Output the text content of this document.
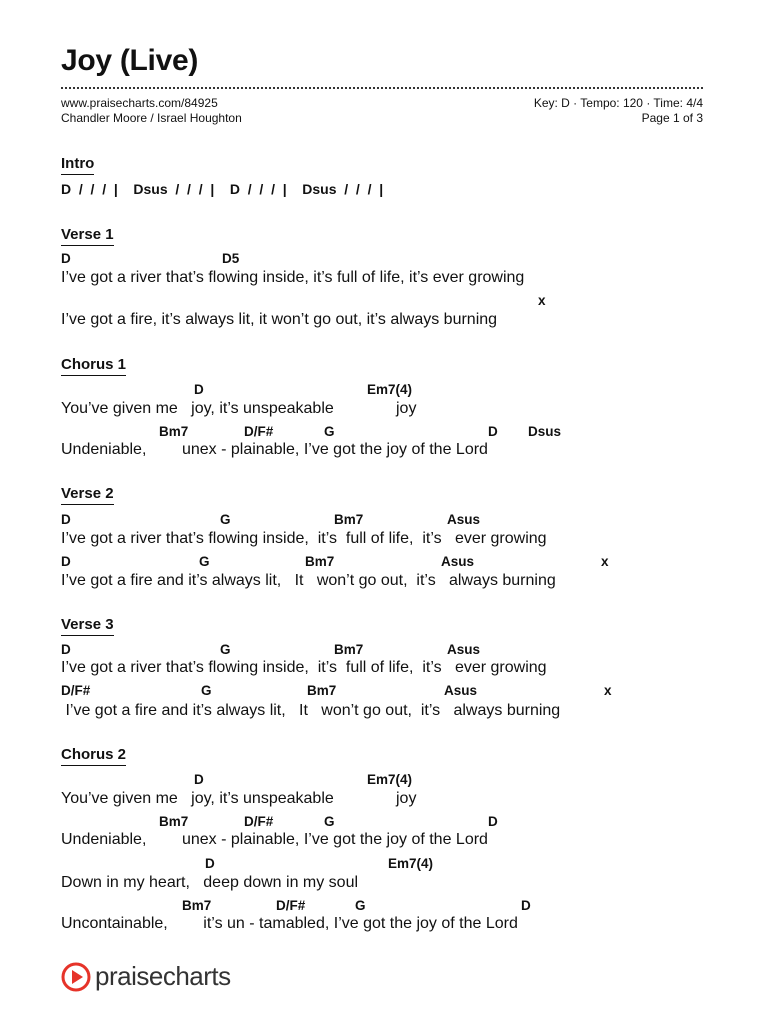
Joy (Live)
www.praisecharts.com/84925
Chandler Moore / Israel Houghton
Key: D · Tempo: 120 · Time: 4/4
Page 1 of 3
Intro
D  /  /  /  |    Dsus  /  /  /  |    D  /  /  /  |    Dsus  /  /  /  |
Verse 1
D	D5
I’ve got a river that’s flowing inside, it’s full of life, it’s ever growing
x
I’ve got a fire, it’s always lit, it won’t go out, it’s always burning
Chorus 1
D	Em7(4)
You’ve given me   joy, it’s unspeakable              joy
Bm7	D/F#	G	D Dsus
Undeniable,        unex - plainable, I’ve got the joy of the Lord
Verse 2
D	G	Bm7	Asus
I’ve got a river that’s flowing inside,  it’s  full of life,  it’s   ever growing
D	G	Bm7	Asus	x
I’ve got a fire and it’s always lit,   It   won’t go out,  it’s   always burning
Verse 3
D	G	Bm7	Asus
I’ve got a river that’s flowing inside,  it’s  full of life,  it’s   ever growing
D/F#	G	Bm7	Asus	x
I’ve got a fire and it’s always lit,   It   won’t go out,  it’s   always burning
Chorus 2
D	Em7(4)
You’ve given me   joy, it’s unspeakable              joy
Bm7	D/F#	G	D
Undeniable,        unex - plainable, I’ve got the joy of the Lord
D	Em7(4)
Down in my heart,   deep down in my soul
Bm7	D/F#	G	D
Uncontainable,        it’s un - tamabled, I’ve got the joy of the Lord
praisecharts
